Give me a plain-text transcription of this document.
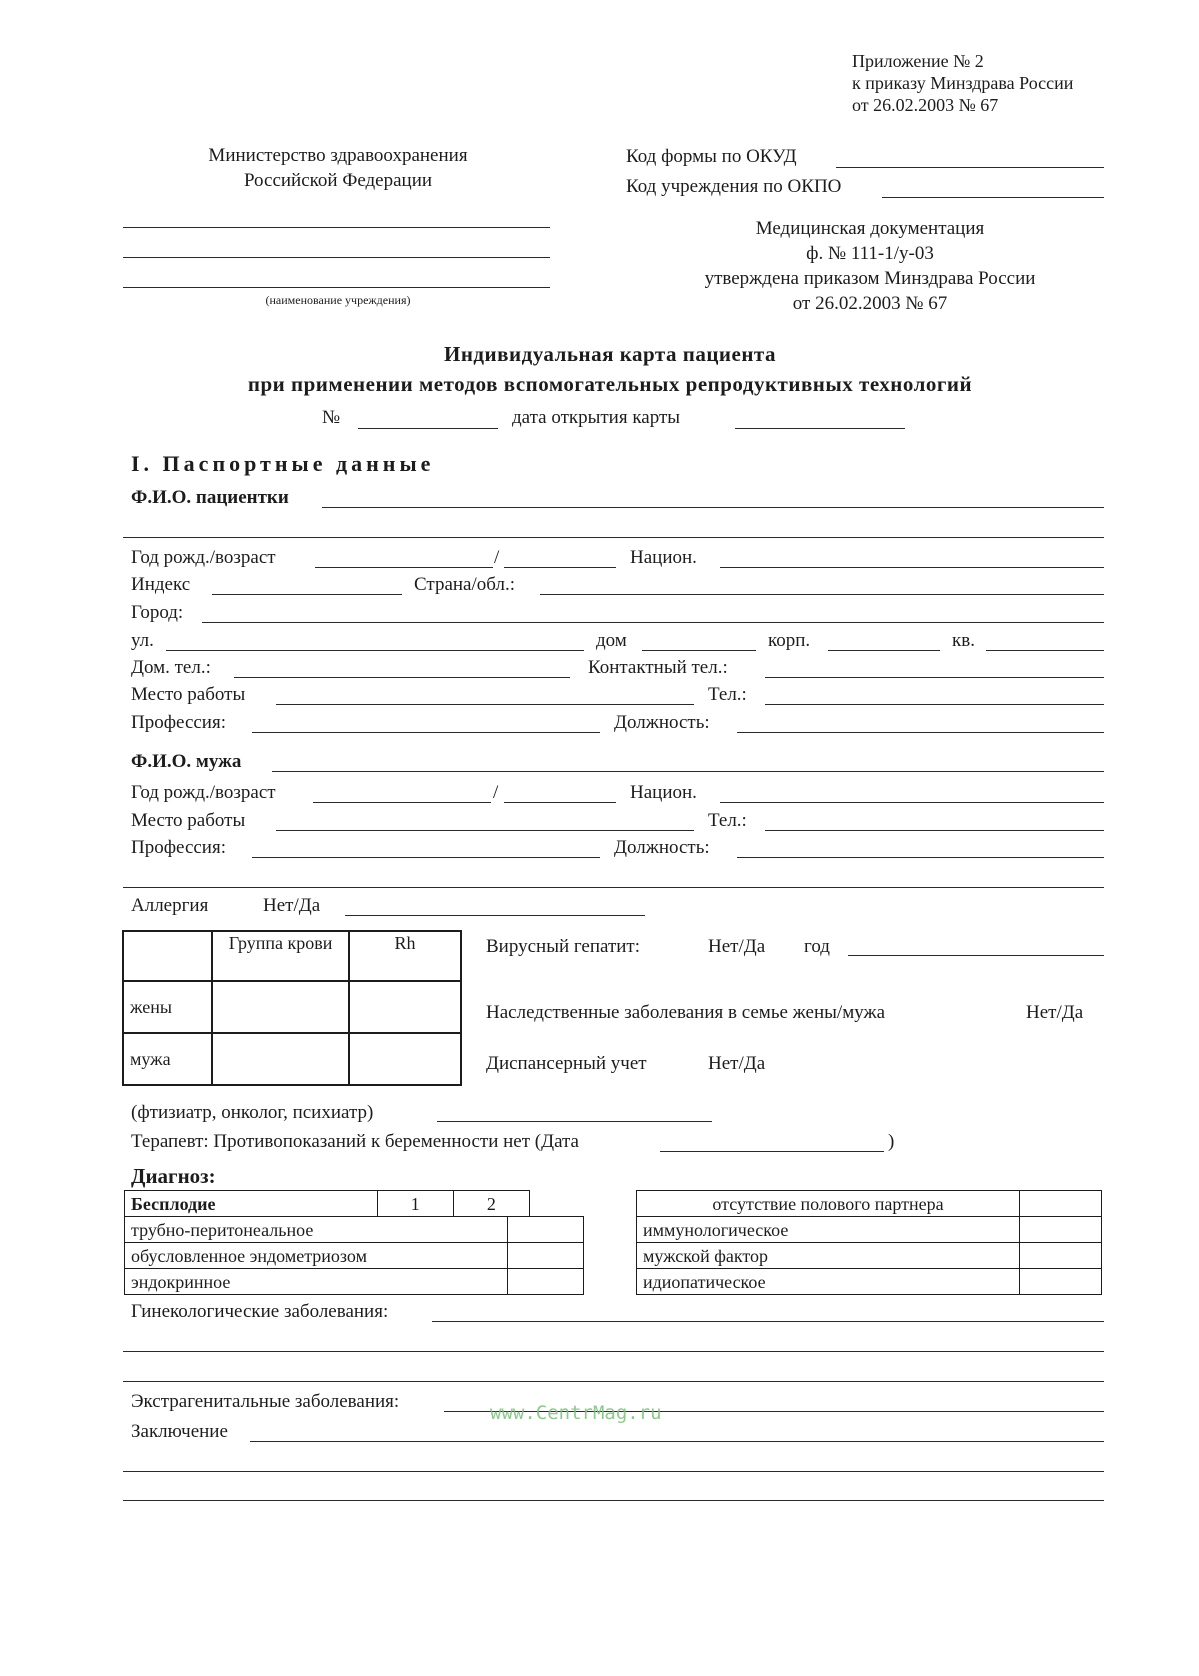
Приложение № 2
к приказу Минздрава России
от 26.02.2003 № 67
Министерство здравоохранения
Российской Федерации
(наименование учреждения)
Код формы по ОКУД
Код учреждения по ОКПО
Медицинская документация
ф. № 111-1/у-03
утверждена приказом Минздрава России
от 26.02.2003 № 67
Индивидуальная карта пациента
при применении методов вспомогательных репродуктивных технологий
№	дата открытия карты
I. Паспортные данные
Ф.И.О. пациентки
Год рожд./возраст	/	Национ.
Индекс	Страна/обл.:
Город:
ул.	дом	корп.	кв.
Дом. тел.:	Контактный тел.:
Место работы	Тел.:
Профессия:	Должность:
Ф.И.О. мужа
Год рожд./возраст	/	Национ.
Место работы	Тел.:
Профессия:	Должность:
Аллергия	Нет/Да
	Группа крови	Rh
жены		
мужа		
Вирусный гепатит:	Нет/Да год
Наследственные заболевания в семье жены/мужа	Нет/Да
Диспансерный учет	Нет/Да
(фтизиатр, онколог, психиатр)
Терапевт: Противопоказаний к беременности нет (Дата	)
Диагноз:
Бесплодие	1	2
трубно-перитонеальное	
обусловленное эндометриозом	
эндокринное	
отсутствие полового партнера	
иммунологическое	
мужской фактор	
идиопатическое	
Гинекологические заболевания:
Экстрагенитальные заболевания:
Заключение
www.CentrMag.ru
